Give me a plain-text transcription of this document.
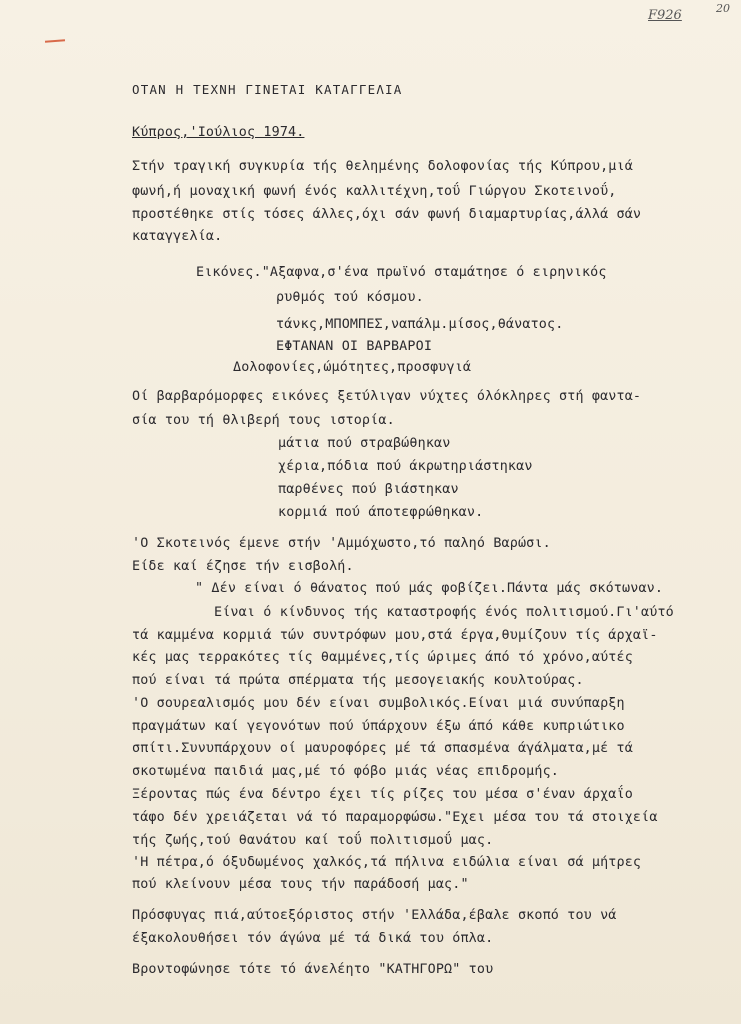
F926	20
ΟΤΑΝ Η ΤΕΧΝΗ ΓΙΝΕΤΑΙ ΚΑΤΑΓΓΕΛΙΑ
Κύπρος,'Ιούλιος 1974.
Στήν τραγική συγκυρία τής θελημένης δολοφονίας τής Κύπρου,μιά
φωνή,ή μοναχική φωνή ένός καλλιτέχνη,τοΰ Γιώργου Σκοτεινοΰ,
προστέθηκε στίς τόσες άλλες,όχι σάν φωνή διαμαρτυρίας,άλλά σάν
καταγγελία.
Εικόνες."Αξαφνα,σ'ένα πρωϊνό σταμάτησε ό ειρηνικός
ρυθμός τού κόσμου.
τάνκς,ΜΠΟΜΠΕΣ,ναπάλμ.μίσος,θάνατος.
ΕΦΤΑΝΑΝ ΟΙ ΒΑΡΒΑΡΟΙ
Δολοφονίες,ώμότητες,προσφυγιά
Οί βαρβαρόμορφες εικόνες ξετύλιγαν νύχτες όλόκληρες στή φαντα-
σία του τή θλιβερή τους ιστορία.
μάτια πού στραβώθηκαν
χέρια,πόδια πού άκρωτηριάστηκαν
παρθένες πού βιάστηκαν
κορμιά πού άποτεφρώθηκαν.
'Ο Σκοτεινός έμενε στήν 'Αμμόχωστο,τό παληό Βαρώσι.
Είδε καί έζησε τήν εισβολή.
" Δέν είναι ό θάνατος πού μάς φοβίζει.Πάντα μάς σκότωναν.
Είναι ό κίνδυνος τής καταστροφής ένός πολιτισμού.Γι'αύτό
τά καμμένα κορμιά τών συντρόφων μου,στά έργα,θυμίζουν τίς άρχαϊ-
κές μας τερρακότες τίς θαμμένες,τίς ώριμες άπό τό χρόνο,αύτές
πού είναι τά πρώτα σπέρματα τής μεσογειακής κουλτούρας.
'Ο σουρεαλισμός μου δέν είναι συμβολικός.Είναι μιά συνύπαρξη
πραγμάτων καί γεγονότων πού ύπάρχουν έξω άπό κάθε κυπριώτικο
σπίτι.Συνυπάρχουν οί μαυροφόρες μέ τά σπασμένα άγάλματα,μέ τά
σκοτωμένα παιδιά μας,μέ τό φόβο μιάς νέας επιδρομής.
Ξέροντας πώς ένα δέντρο έχει τίς ρίζες του μέσα σ'έναν άρχαΐο
τάφο δέν χρειάζεται νά τό παραμορφώσω."Εχει μέσα του τά στοιχεία
τής ζωής,τού θανάτου καί τοΰ πολιτισμοΰ μας.
'Η πέτρα,ό όξυδωμένος χαλκός,τά πήλινα ειδώλια είναι σά μήτρες
πού κλείνουν μέσα τους τήν παράδοσή μας."
Πρόσφυγας πιά,αύτοεξόριστος στήν 'Ελλάδα,έβαλε σκοπό του νά
έξακολουθήσει τόν άγώνα μέ τά δικά του όπλα.
Βροντοφώνησε τότε τό άνελέητο "ΚΑΤΗΓΟΡΩ" του
